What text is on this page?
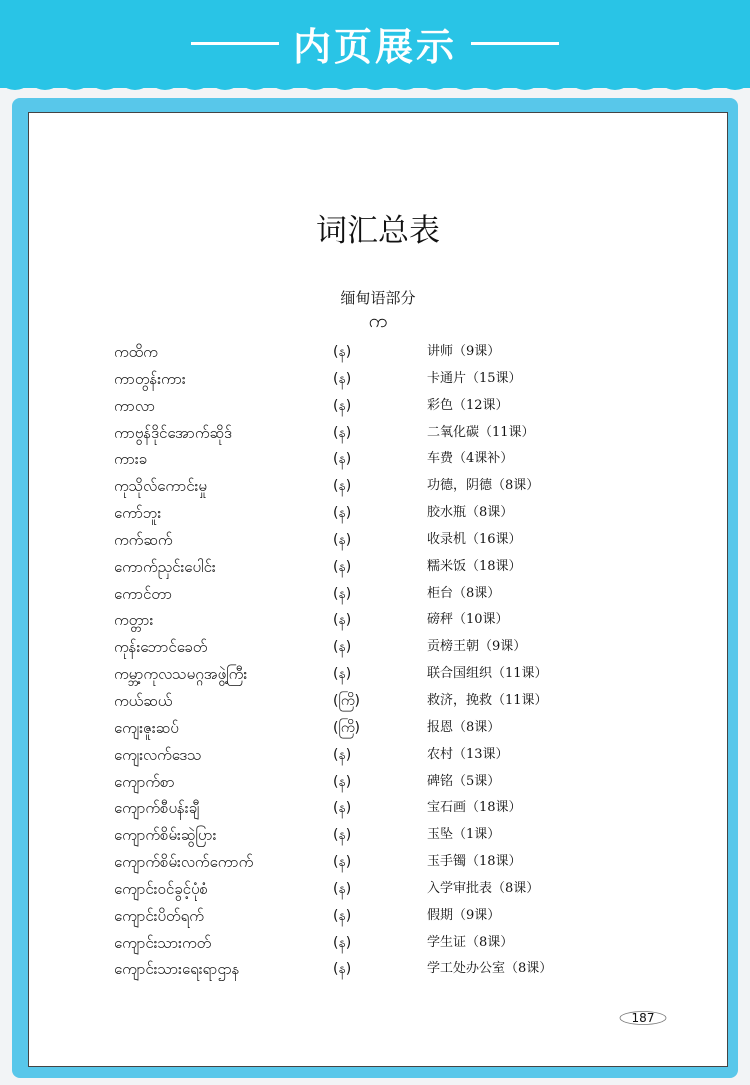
内页展示
词汇总表
缅甸语部分
က
ကထိက	(န)	讲师（9课）
ကာတွန်းကား	(န)	卡通片（15课）
ကာလာ	(န)	彩色（12课）
ကာဗွန်ဒိုင်အောက်ဆိုဒ်	(န)	二氧化碳（11课）
ကားခ	(န)	车费（4课补）
ကုသိုလ်ကောင်းမှု	(န)	功德，阴德（8课）
ကော်ဘူး	(န)	胶水瓶（8课）
ကက်ဆက်	(န)	收录机（16课）
ကောက်ညှင်းပေါင်း	(န)	糯米饭（18课）
ကောင်တာ	(န)	柜台（8课）
ကတ္တား	(န)	磅秤（10课）
ကုန်းဘောင်ခေတ်	(န)	贡榜王朝（9课）
ကမ္ဘာ့ကုလသမဂ္ဂအဖွဲ့ကြီး	(န)	联合国组织（11课）
ကယ်ဆယ်	(ကြိ)	救济，挽救（11课）
ကျေးဇူးဆပ်	(ကြိ)	报恩（8课）
ကျေးလက်ဒေသ	(န)	农村（13课）
ကျောက်စာ	(န)	碑铭（5课）
ကျောက်စီပန်းချီ	(န)	宝石画（18课）
ကျောက်စိမ်းဆွဲပြား	(န)	玉坠（1课）
ကျောက်စိမ်းလက်ကောက်	(န)	玉手镯（18课）
ကျောင်းဝင်ခွင့်ပုံစံ	(န)	入学审批表（8课）
ကျောင်းပိတ်ရက်	(န)	假期（9课）
ကျောင်းသားကတ်	(န)	学生证（8课）
ကျောင်းသားရေးရာဌာန	(န)	学工处办公室（8课）
187
